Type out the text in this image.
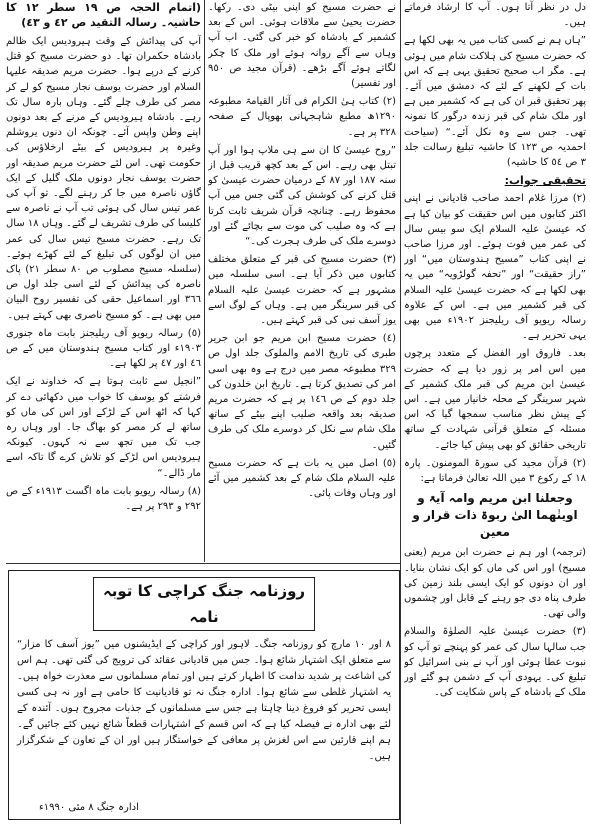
دل در نظر آتا ہوں۔ آپ کا ارشاد فرماتے ہیں۔

”ہاں ہم نے کسی کتاب میں یہ بھی لکھا ہے کہ حضرت مسیح کی ہلاکت شام میں ہوئی ہے۔ مگر اب صحیح تحقیق یہی ہے کہ اس بات کے لکھنے کے لئے کہ دمشق میں آئے۔ پھر تحقیق قبر ان کی ہے کہ کشمیر میں ہے اور ملک شام کی قبر زندہ درگور کا نمونہ تھی۔ جس سے وہ نکل آئے۔“ (سیاحت احمدیہ ص ١٢٣ کا حاشیہ تبلیغ رسالت جلد ٣ ص ٥٤ کا حاشیہ)

تحقیقی جواب:

(٢) مرزا غلام احمد صاحب قادیانی نے اپنی اکثر کتابوں میں اس حقیقت کو بیان کیا ہے کہ عیسیٰ علیہ السلام ایک سو بیس سال کی عمر میں فوت ہوئے۔ اور مرزا صاحب نے اپنی کتاب ”مسیح ہندوستان میں“ اور ”راز حقیقت“ اور ”تحفہ گولڑویہ“ میں یہ بھی لکھا ہے کہ حضرت عیسیٰ علیہ السلام کی قبر کشمیر میں ہے۔ اس کے علاوہ رسالہ ریویو آف ریلیجنز ١٩٠٢ء میں بھی یہی تحریر ہے۔

بعد۔ فاروق اور الفضل کے متعدد پرچوں میں اس امر پر زور دیا ہے کہ حضرت عیسیٰ ابن مریم کی قبر ملک کشمیر کے شہر سرینگر کے محلہ خانیار میں ہے۔ اس کے پیش نظر مناسب سمجھا گیا کہ اس مسئلہ کے متعلق قرآنی شہادت کے ساتھ تاریخی حقائق کو بھی پیش کیا جائے۔

(٢) قرآن مجید کی سورۃ المومنون۔ پارہ ١٨ کے رکوع ٣ میں اللہ تعالیٰ فرماتا ہے:

وجعلنا ابن مریم وامہ آیۃ و اوینٰھما الیٰ ربوۃ ذات قرار و معین

(ترجمہ) اور ہم نے حضرت ابن مریم (یعنی مسیح) اور اس کی ماں کو ایک نشان بنایا۔ اور ان دونوں کو ایک ایسی بلند زمین کی طرف پناہ دی جو رہنے کے قابل اور چشموں والی تھی۔

(٣) حضرت عیسیٰ علیہ الصلوٰۃ والسلام جب سالہا سال کی عمر کو پہنچے تو آپ کو نبوت عطا ہوئی اور آپ نے بنی اسرائیل کو تبلیغ کی۔ یہودی آپ کے دشمن ہو گئے اور ملک کے بادشاہ کے پاس شکایت کی۔

نے حضرت مسیح کو اپنی بیٹی دی۔ رکھا۔ حضرت یحییٰ سے ملاقات ہوئی۔ اس کے بعد کشمیر کے بادشاہ کو خبر کی گئی۔ اب آپ وہاں سے آگے روانہ ہوئے اور ملک کا چکر لگاتے ہوئے آگے بڑھے۔ (قرآن مجید ص ٩٥٠ اور تفسیر)

(٢) کتاب ہیٰ الکرام فی آثار القیامۃ مطبوعہ ١٢٩٠ھ مطبع شاہجہانی بھوپال کے صفحہ ٣٢٨ پر ہے۔

”روح عیسیٰ کا ان سے ہی ملاپ ہوا اور آپ تبتل بھی رہے۔ اس کے بعد کچھ قریب قبل از سنہ ١٨٧ اور ٨٧ کے درمیان حضرت عیسیٰ کو قتل کرنے کی کوشش کی گئی جس میں آپ محفوظ رہے۔ چنانچہ قرآن شریف ثابت کرتا ہے کہ وہ صلیب کی موت سے بچائے گئے اور دوسرے ملک کی طرف ہجرت کی۔“

(٣) حضرت مسیح کی قبر کے متعلق مختلف کتابوں میں ذکر آیا ہے۔ اسی سلسلہ میں مشہور ہے کہ حضرت عیسیٰ علیہ السلام کی قبر سرینگر میں ہے۔ وہاں کے لوگ اسے یوز آسف نبی کی قبر کہتے ہیں۔

(٤) حضرت مسیح ابن مریم جو ابن جریر طبری کی تاریخ الامم والملوک جلد اول ص ٣٢٩ مطبوعہ مصر میں درج ہے وہ بھی اسی امر کی تصدیق کرتا ہے۔ تاریخ ابن خلدون کی جلد دوم کے ص ١٤٦ پر ہے کہ حضرت مریم صدیقہ بعد واقعہ صلیب اپنے بیٹے کے ساتھ ملک شام سے نکل کر دوسرے ملک کی طرف گئیں۔

(٥) اصل میں یہ بات ہے کہ حضرت مسیح علیہ السلام ملک شام کے بعد کشمیر میں آئے اور وہاں وفات پائی۔

(اتمام الحجہ ص ١٩ سطر ١٢ کا حاشیہ۔ رسالہ التقید ص ٤٢ و ٤٣)

آپ کی پیدائش کے وقت ہیرودیس ایک ظالم بادشاہ حکمران تھا۔ دو حضرت مسیح کو قتل کرنے کے درپے ہوا۔ حضرت مریم صدیقہ علیہا السلام اور حضرت یوسف نجار مسیح کو لے کر مصر کی طرف چلے گئے۔ وہاں بارہ سال تک رہے۔ بادشاہ ہیرودیس کے مرنے کے بعد دونوں اپنے وطن واپس آئے۔ چونکہ ان دنوں یروشلم وغیرہ پر ہیرودیس کے بیٹے ارخلاؤس کی حکومت تھی۔ اس لئے حضرت مریم صدیقہ اور حضرت یوسف نجار دونوں ملک گلیل کے ایک گاؤں ناصرہ میں جا کر رہنے لگے۔ تو آپ کی عمر تیس سال کی ہوئی تب آپ نے ناصرہ سے کلیسا کی طرف تشریف لے گئے۔ وہاں ١٨ سال تک رہے۔ حضرت مسیح تیس سال کی عمر میں ان لوگوں کی تبلیغ کے لئے کھڑے ہوئے۔ (سلسلہ مسیح مصلوب ص ٨٠ سطر ٢١) پاک ناصرہ کی پیدائش کے لئے اسی جلد اول ص ٣٦٦ اور اسماعیل حقی کی تفسیر روح البیان میں بھی ہے۔ کو مسیح ناصری بھی کہتے ہیں۔

(٥) رسالہ ریویو آف ریلیجنز بابت ماہ جنوری ١٩٠٣ء اور کتاب مسیح ہندوستان میں کے ص ٤٦ اور ٤٧ پر لکھا ہے۔

”انجیل سے ثابت ہوتا ہے کہ خداوند نے ایک فرشتے کو یوسف کا خواب میں دکھائی دے کر کہا کہ اٹھ اس کے لڑکے اور اس کی ماں کو ساتھ لے کر مصر کو بھاگ جا۔ اور وہاں رہ جب تک میں تجھ سے نہ کہوں۔ کیونکہ ہیرودیس اس لڑکے کو تلاش کرے گا تاکہ اسے مار ڈالے۔“

(٨) رسالہ ریویو بابت ماہ اگست ١٩١٣ء کے ص ٢٩٢ و ٢٩٣ پر ہے۔

روزنامہ جنگ کراچی کا توبہ نامہ
٨ اور ١٠ مارچ کو روزنامہ جنگ۔ لاہور اور کراچی کے ایڈیشنوں میں ”یوز آسف کا مزار“ سے متعلق ایک اشتہار شائع ہوا۔ جس میں قادیانی عقائد کی ترویج کی گئی تھی۔ ہم اس کی اشاعت پر شدید ندامت کا اظہار کرتے ہیں اور تمام مسلمانوں سے معذرت خواہ ہیں۔ یہ اشتہار غلطی سے شائع ہوا۔ ادارہ جنگ نہ تو قادیانیت کا حامی ہے اور نہ ہی کسی ایسی تحریر کو فروغ دینا چاہتا ہے جس سے مسلمانوں کے جذبات مجروح ہوں۔ آئندہ کے لئے بھی ادارہ نے فیصلہ کیا ہے کہ اس قسم کے اشتہارات قطعاً شائع نہیں کئے جائیں گے۔ ہم اپنے قارئین سے اس لغزش پر معافی کے خواستگار ہیں اور ان کے تعاون کے شکرگزار ہیں۔
ادارہ جنگ ٨ مئی ١٩٩٠ء
